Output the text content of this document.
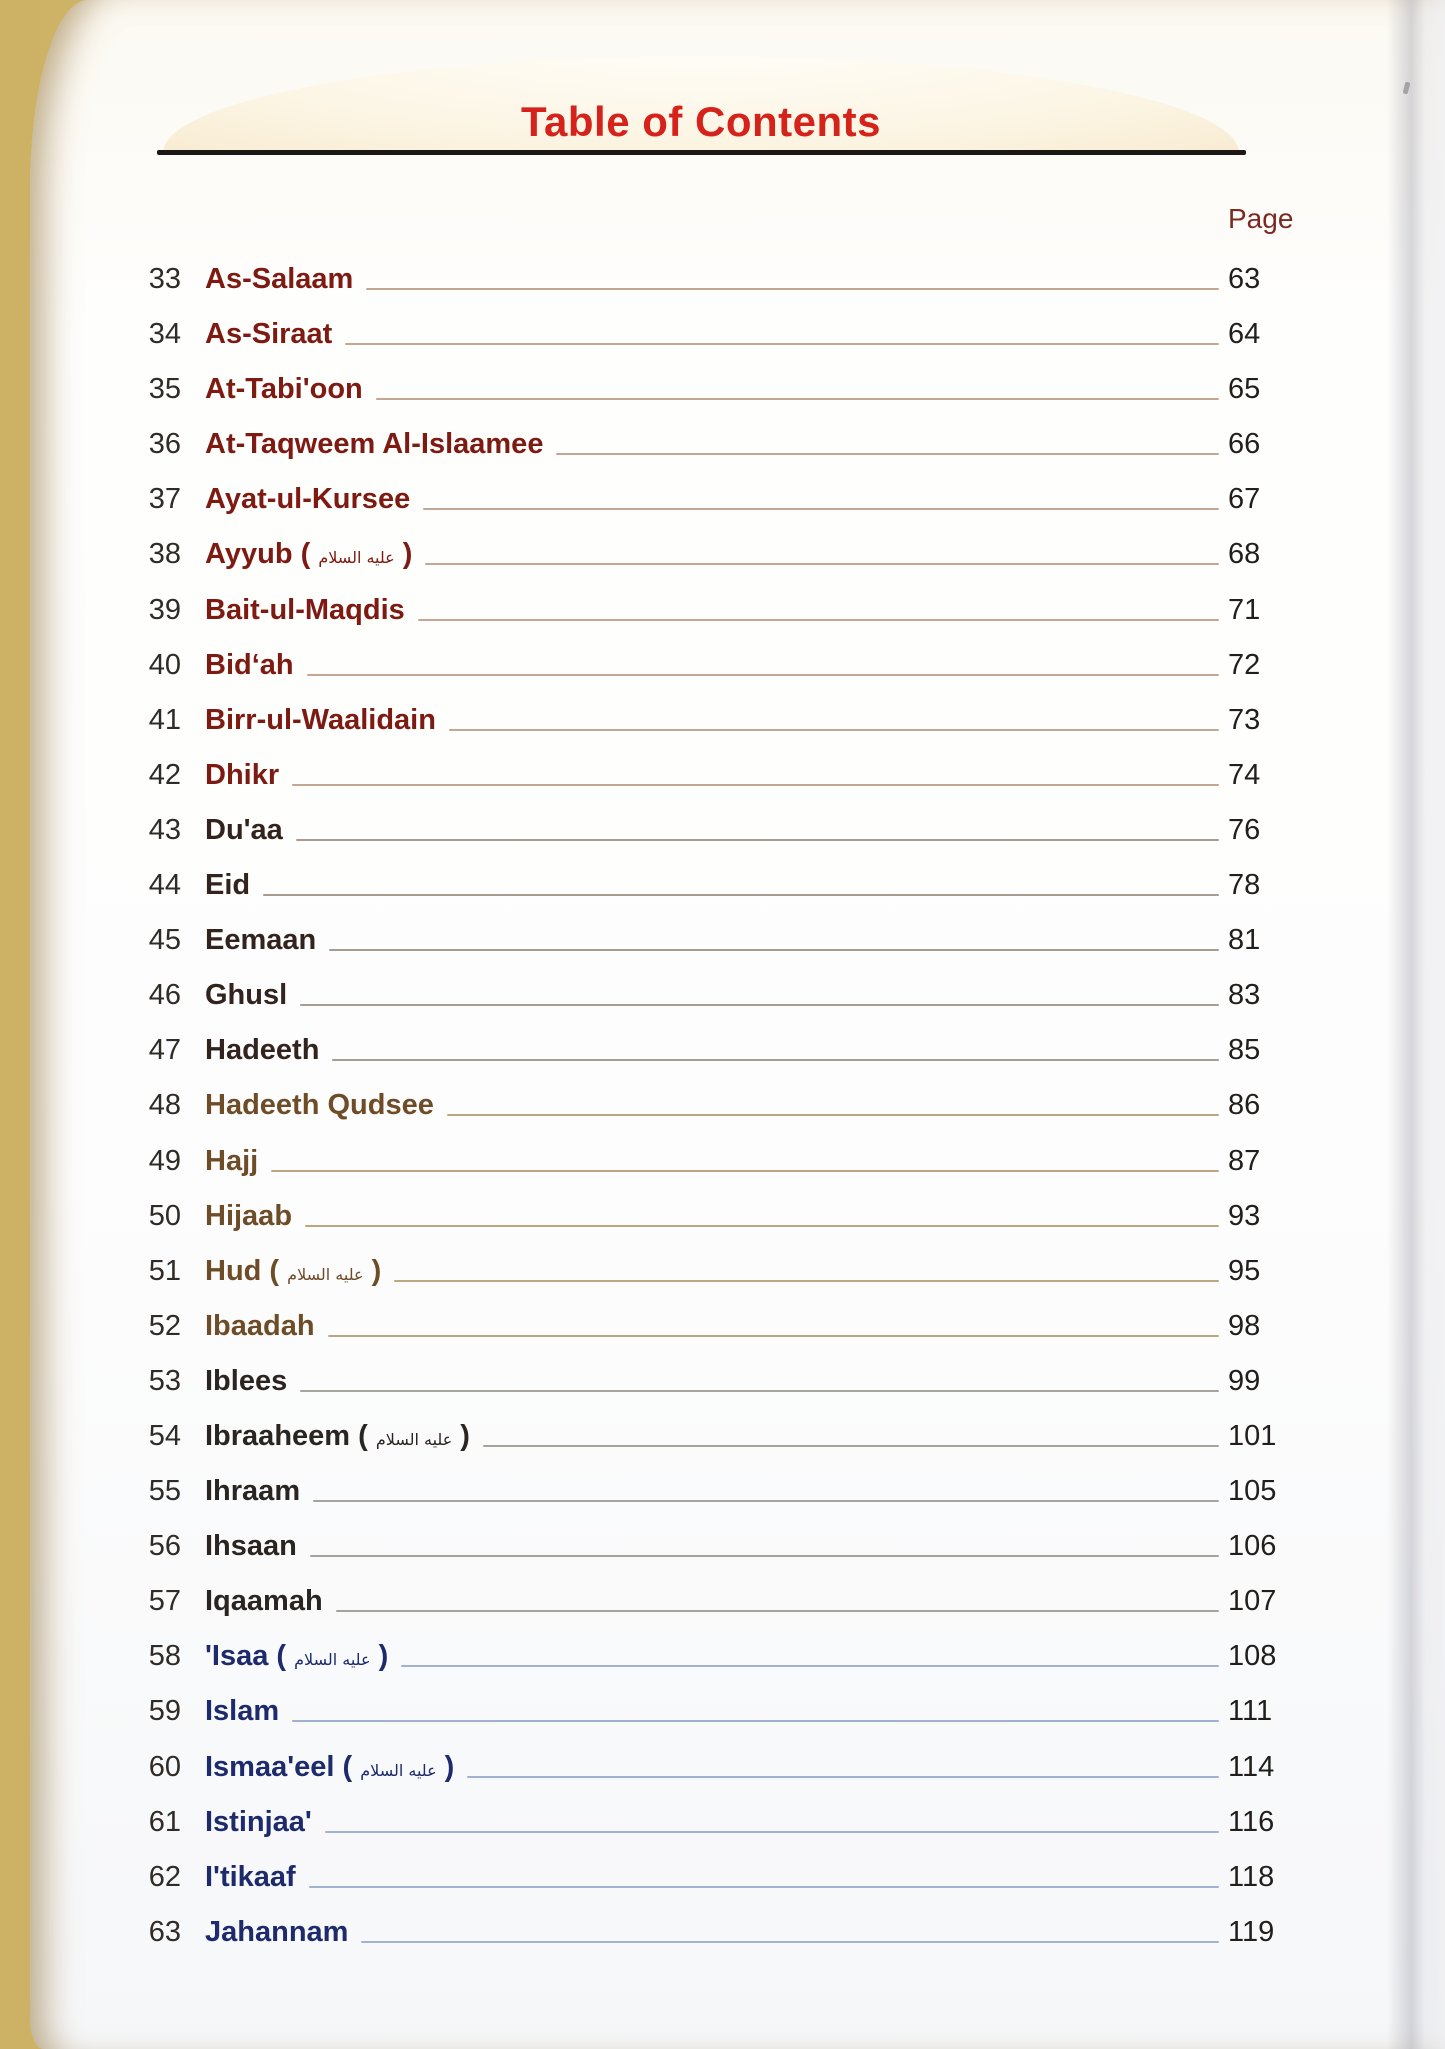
Table of Contents
Page
33 As-Salaam	63
34 As-Siraat	64
35 At-Tabi'oon	65
36 At-Taqweem Al-Islaamee	66
37 Ayat-ul-Kursee	67
38 Ayyub ( عليه السلام )	68
39 Bait-ul-Maqdis	71
40 Bid‘ah	72
41 Birr-ul-Waalidain	73
42 Dhikr	74
43 Du'aa	76
44 Eid	78
45 Eemaan	81
46 Ghusl	83
47 Hadeeth	85
48 Hadeeth Qudsee	86
49 Hajj	87
50 Hijaab	93
51 Hud ( عليه السلام )	95
52 Ibaadah	98
53 Iblees	99
54 Ibraaheem ( عليه السلام )	101
55 Ihraam	105
56 Ihsaan	106
57 Iqaamah	107
58 'Isaa ( عليه السلام )	108
59 Islam	111
60 Ismaa'eel ( عليه السلام )	114
61 Istinjaa'	116
62 I'tikaaf	118
63 Jahannam	119
